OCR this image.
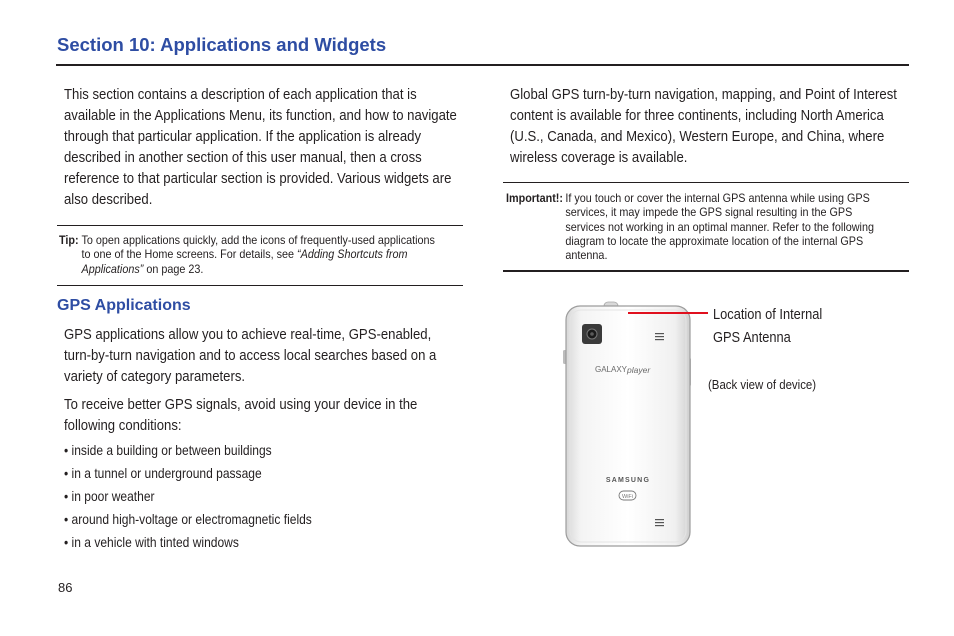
Section 10: Applications and Widgets
This section contains a description of each application that is available in the Applications Menu, its function, and how to navigate through that particular application. If the application is already described in another section of this user manual, then a cross reference to that particular section is provided. Various widgets are also described.
Tip: To open applications quickly, add the icons of frequently-used applications to one of the Home screens. For details, see “Adding Shortcuts from Applications” on page 23.
GPS Applications
GPS applications allow you to achieve real-time, GPS-enabled, turn-by-turn navigation and to access local searches based on a variety of category parameters.
To receive better GPS signals, avoid using your device in the following conditions:
• inside a building or between buildings
• in a tunnel or underground passage
• in poor weather
• around high-voltage or electromagnetic fields
• in a vehicle with tinted windows
Global GPS turn-by-turn navigation, mapping, and Point of Interest content is available for three continents, including North America (U.S., Canada, and Mexico), Western Europe, and China, where wireless coverage is available.
Important!: If you touch or cover the internal GPS antenna while using GPS services, it may impede the GPS signal resulting in the GPS services not working in an optimal manner. Refer to the following diagram to locate the approximate location of the internal GPS antenna.
GALAXY player
SAMSUNG
WiFi
Location of Internal
GPS Antenna
(Back view of device)
86
